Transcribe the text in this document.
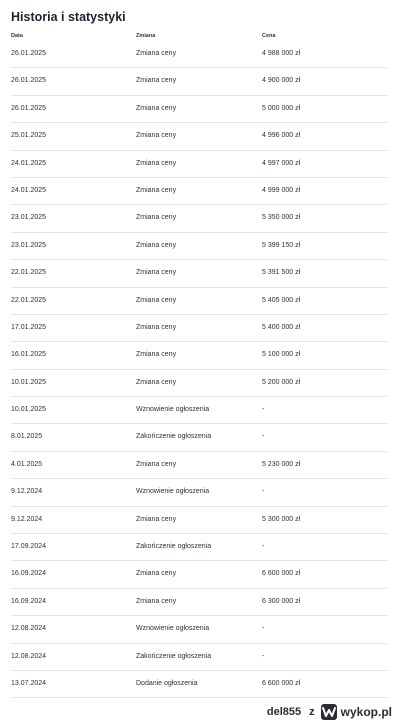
Historia i statystyki
Data	Zmiana	Cena
26.01.2025	Zmiana ceny	4 988 000 zł
26.01.2025	Zmiana ceny	4 900 000 zł
26.01.2025	Zmiana ceny	5 000 000 zł
25.01.2025	Zmiana ceny	4 996 000 zł
24.01.2025	Zmiana ceny	4 997 000 zł
24.01.2025	Zmiana ceny	4 999 000 zł
23.01.2025	Zmiana ceny	5 350 000 zł
23.01.2025	Zmiana ceny	5 399 150 zł
22.01.2025	Zmiana ceny	5 391 500 zł
22.01.2025	Zmiana ceny	5 405 000 zł
17.01.2025	Zmiana ceny	5 400 000 zł
16.01.2025	Zmiana ceny	5 100 000 zł
10.01.2025	Zmiana ceny	5 200 000 zł
10.01.2025	Wznowienie ogłoszenia	-
8.01.2025	Zakończenie ogłoszenia	-
4.01.2025	Zmiana ceny	5 230 000 zł
9.12.2024	Wznowienie ogłoszenia	-
9.12.2024	Zmiana ceny	5 300 000 zł
17.09.2024	Zakończenie ogłoszenia	-
16.09.2024	Zmiana ceny	6 600 000 zł
16.09.2024	Zmiana ceny	6 300 000 zł
12.08.2024	Wznowienie ogłoszenia	-
12.08.2024	Zakończenie ogłoszenia	-
13.07.2024	Dodanie ogłoszenia	6 600 000 zł
del855 z wykop.pl
